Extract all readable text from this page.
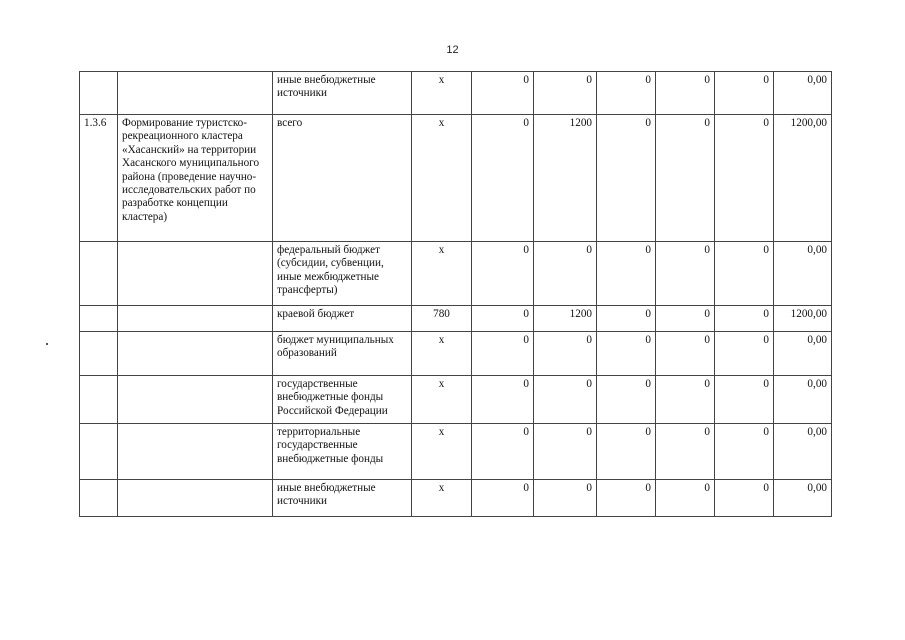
12
		иные внебюджетные источники	х	0	0	0	0	0	0,00
1.3.6	Формирование туристско-рекреационного кластера «Хасанский» на территории Хасанского муниципального района (проведение научно-исследовательских работ по разработке концепции кластера)	всего	х	0	1200	0	0	0	1200,00
		федеральный бюджет (субсидии, субвенции, иные межбюджетные трансферты)	х	0	0	0	0	0	0,00
		краевой бюджет	780	0	1200	0	0	0	1200,00
		бюджет муниципальных образований	х	0	0	0	0	0	0,00
		государственные внебюджетные фонды Российской Федерации	х	0	0	0	0	0	0,00
		территориальные государственные внебюджетные фонды	х	0	0	0	0	0	0,00
		иные внебюджетные источники	х	0	0	0	0	0	0,00
